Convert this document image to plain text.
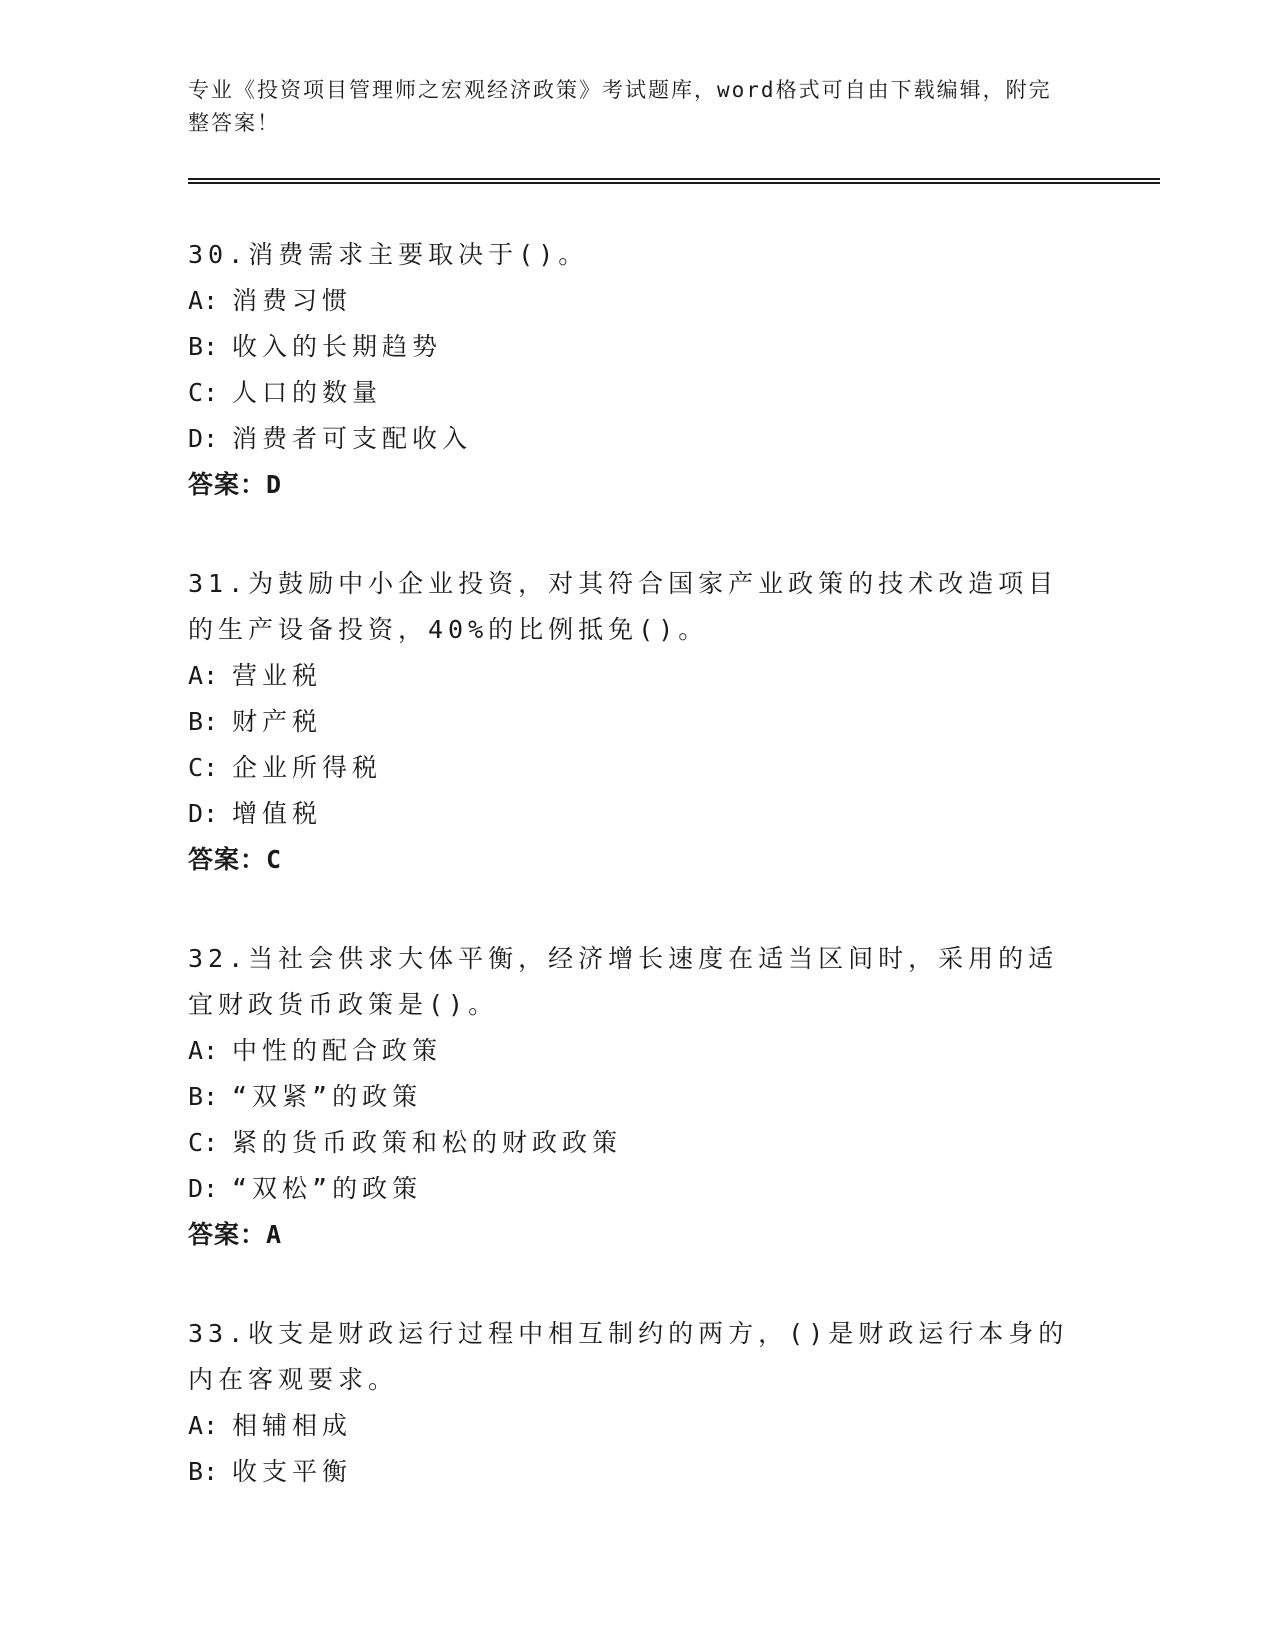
专业《投资项目管理师之宏观经济政策》考试题库，word格式可自由下载编辑，附完整答案！

30.消费需求主要取决于()。

A: 消费习惯

B: 收入的长期趋势

C: 人口的数量

D: 消费者可支配收入

答案：D

31.为鼓励中小企业投资，对其符合国家产业政策的技术改造项目的生产设备投资，40%的比例抵免()。

A: 营业税

B: 财产税

C: 企业所得税

D: 增值税

答案：C

32.当社会供求大体平衡，经济增长速度在适当区间时，采用的适宜财政货币政策是()。

A: 中性的配合政策

B: “双紧”的政策

C: 紧的货币政策和松的财政政策

D: “双松”的政策

答案：A

33.收支是财政运行过程中相互制约的两方，()是财政运行本身的内在客观要求。

A: 相辅相成

B: 收支平衡
